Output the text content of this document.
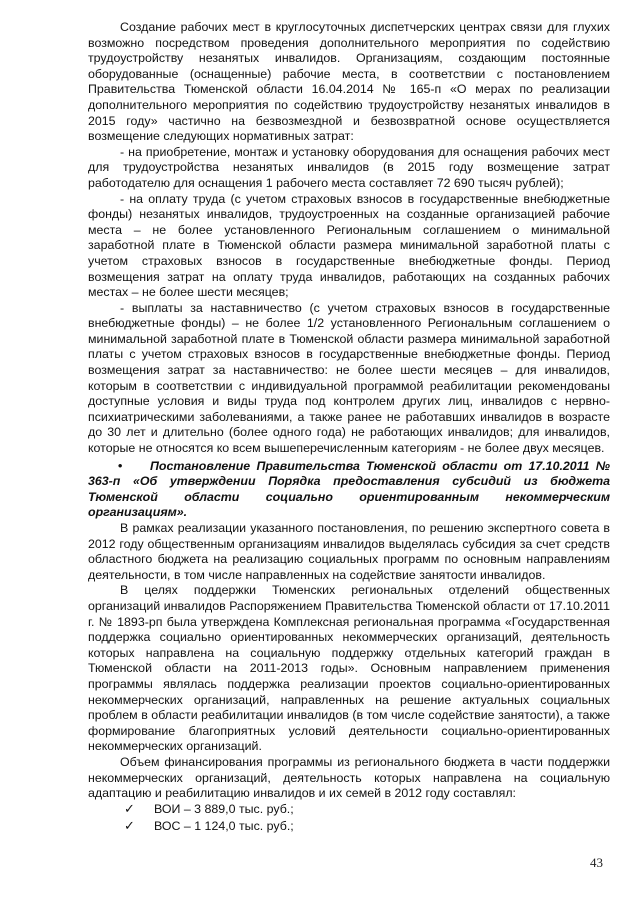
Создание рабочих мест в круглосуточных диспетчерских центрах связи для глухих возможно посредством проведения дополнительного мероприятия по содействию трудоустройству незанятых инвалидов. Организациям, создающим постоянные оборудованные (оснащенные) рабочие места, в соответствии с постановлением Правительства Тюменской области 16.04.2014 № 165-п «О мерах по реализации дополнительного мероприятия по содействию трудоустройству незанятых инвалидов в 2015 году» частично на безвозмездной и безвозвратной основе осуществляется возмещение следующих нормативных затрат:

- на приобретение, монтаж и установку оборудования для оснащения рабочих мест для трудоустройства незанятых инвалидов (в 2015 году возмещение затрат работодателю для оснащения 1 рабочего места составляет 72 690 тысяч рублей);

- на оплату труда (с учетом страховых взносов в государственные внебюджетные фонды) незанятых инвалидов, трудоустроенных на созданные организацией рабочие места – не более установленного Региональным соглашением о минимальной заработной плате в Тюменской области размера минимальной заработной платы с учетом страховых взносов в государственные внебюджетные фонды. Период возмещения затрат на оплату труда инвалидов, работающих на созданных рабочих местах – не более шести месяцев;

- выплаты за наставничество (с учетом страховых взносов в государственные внебюджетные фонды) – не более 1/2 установленного Региональным соглашением о минимальной заработной плате в Тюменской области размера минимальной заработной платы с учетом страховых взносов в государственные внебюджетные фонды. Период возмещения затрат за наставничество: не более шести месяцев – для инвалидов, которым в соответствии с индивидуальной программой реабилитации рекомендованы доступные условия и виды труда под контролем других лиц, инвалидов с нервно-психиатрическими заболеваниями, а также ранее не работавших инвалидов в возрасте до 30 лет и длительно (более одного года) не работающих инвалидов; для инвалидов, которые не относятся ко всем вышеперечисленным категориям - не более двух месяцев.

• Постановление Правительства Тюменской области от 17.10.2011 № 363-п «Об утверждении Порядка предоставления субсидий из бюджета Тюменской области социально ориентированным некоммерческим организациям».

В рамках реализации указанного постановления, по решению экспертного совета в 2012 году общественным организациям инвалидов выделялась субсидия за счет средств областного бюджета на реализацию социальных программ по основным направлениям деятельности, в том числе направленных на содействие занятости инвалидов.

В целях поддержки Тюменских региональных отделений общественных организаций инвалидов Распоряжением Правительства Тюменской области от 17.10.2011 г. № 1893-рп была утверждена Комплексная региональная программа «Государственная поддержка социально ориентированных некоммерческих организаций, деятельность которых направлена на социальную поддержку отдельных категорий граждан в Тюменской области на 2011-2013 годы». Основным направлением применения программы являлась поддержка реализации проектов социально-ориентированных некоммерческих организаций, направленных на решение актуальных социальных проблем в области реабилитации инвалидов (в том числе содействие занятости), а также формирование благоприятных условий деятельности социально-ориентированных некоммерческих организаций.

Объем финансирования программы из регионального бюджета в части поддержки некоммерческих организаций, деятельность которых направлена на социальную адаптацию и реабилитацию инвалидов и их семей в 2012 году составлял:

✓	ВОИ – 3 889,0 тыс. руб.;
✓	ВОС – 1 124,0 тыс. руб.;
43
